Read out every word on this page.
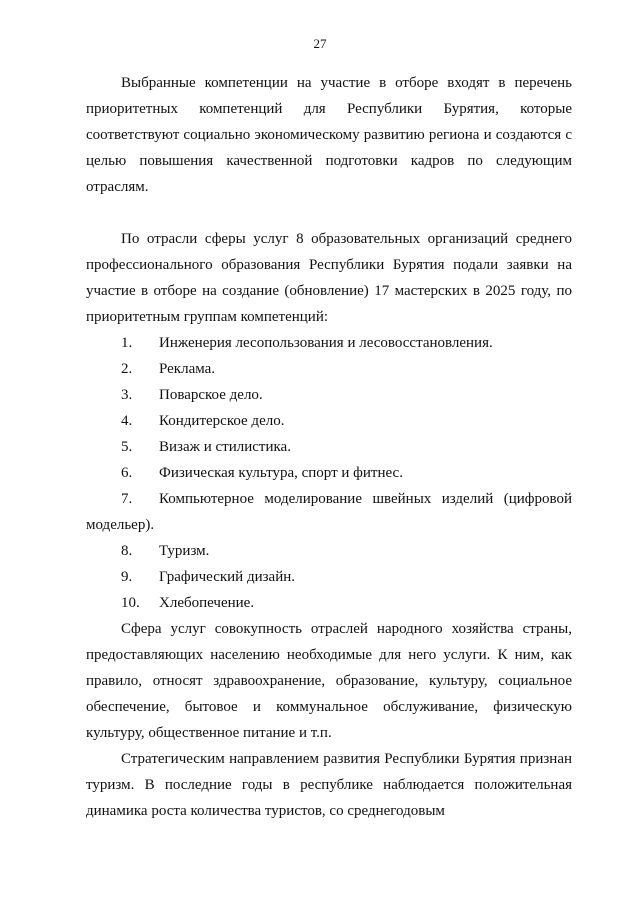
27

Выбранные компетенции на участие в отборе входят в перечень приоритетных компетенций для Республики Бурятия, которые соответствуют социально экономическому развитию региона и создаются с целью повышения качественной подготовки кадров по следующим отраслям.

По отрасли сферы услуг 8 образовательных организаций среднего профессионального образования Республики Бурятия подали заявки на участие в отборе на создание (обновление) 17 мастерских в 2025 году, по приоритетным группам компетенций:

1. Инженерия лесопользования и лесовосстановления.
2. Реклама.
3. Поварское дело.
4. Кондитерское дело.
5. Визаж и стилистика.
6. Физическая культура, спорт и фитнес.
7. Компьютерное моделирование швейных изделий (цифровой модельер).
8. Туризм.
9. Графический дизайн.
10. Хлебопечение.

Сфера услуг совокупность отраслей народного хозяйства страны, предоставляющих населению необходимые для него услуги. К ним, как правило, относят здравоохранение, образование, культуру, социальное обеспечение, бытовое и коммунальное обслуживание, физическую культуру, общественное питание и т.п.

Стратегическим направлением развития Республики Бурятия признан туризм. В последние годы в республике наблюдается положительная динамика роста количества туристов, со среднегодовым
